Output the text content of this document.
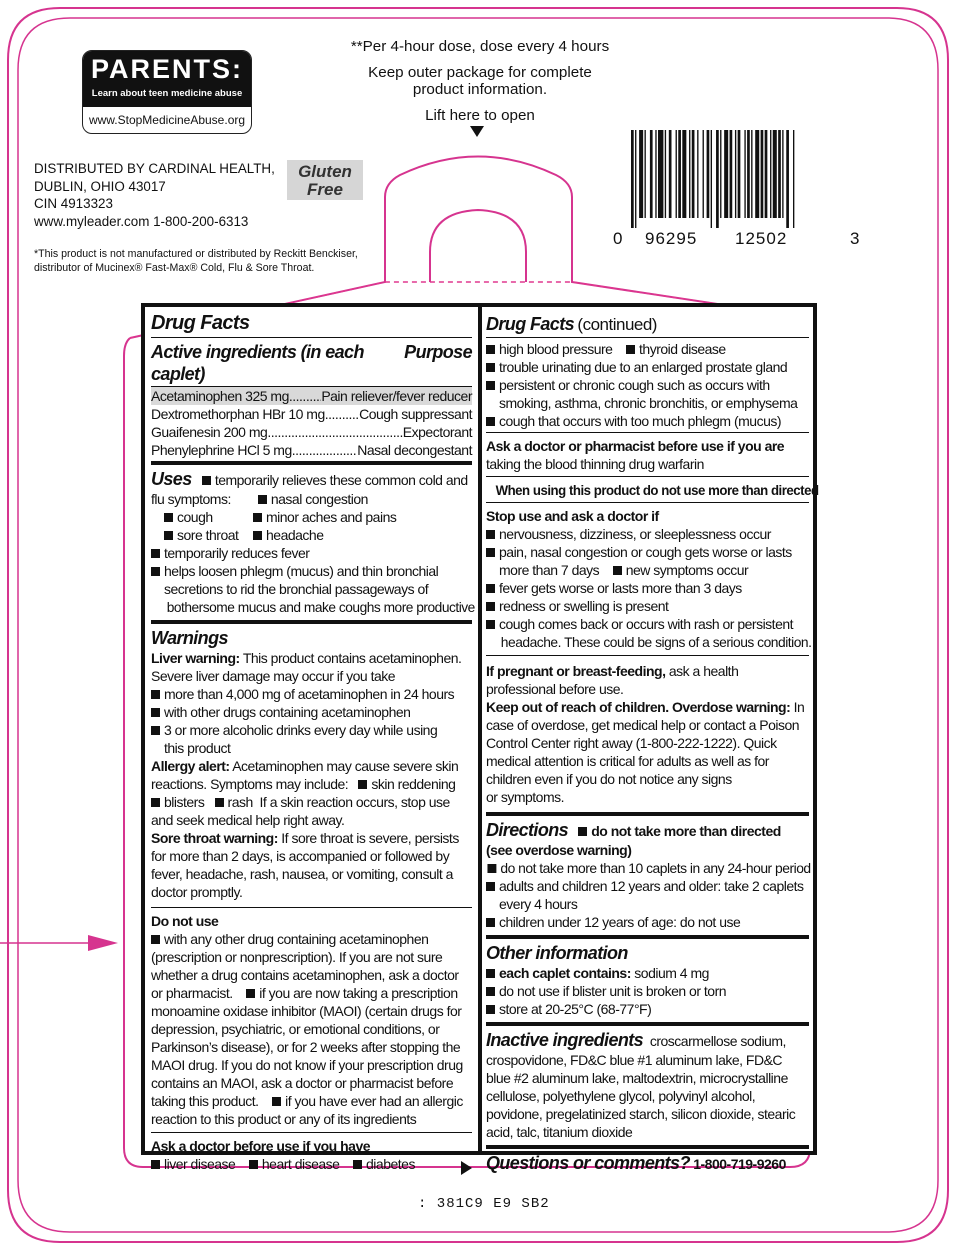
**Per 4-hour dose, dose every 4 hours
Keep outer package for complete
product information.
Lift here to open
PARENTS:
Learn about teen medicine abuse
www.StopMedicineAbuse.org
DISTRIBUTED BY CARDINAL HEALTH,
DUBLIN, OHIO 43017
CIN 4913323
www.myleader.com 1-800-200-6313
Gluten
Free
*This product is not manufactured or distributed by Reckitt Benckiser,
distributor of Mucinex® Fast-Max® Cold, Flu & Sore Throat.
0 96295 12502	3
Drug Facts
Active ingredients (in each caplet)
Purpose
Acetaminophen 325 mg ..... Pain reliever/fever reducer
Dextromethorphan HBr 10 mg ..... Cough suppressant
Guaifenesin 200 mg .....	Expectorant
Phenylephrine HCl 5 mg .....	Nasal decongestant
Uses temporarily relieves these common cold and
flu symptoms:	nasal congestion
cough	minor aches and pains
sore throat headache
temporarily reduces fever
helps loosen phlegm (mucus) and thin bronchial
secretions to rid the bronchial passageways of
bothersome mucus and make coughs more productive
Warnings
Liver warning: This product contains acetaminophen.
Severe liver damage may occur if you take
more than 4,000 mg of acetaminophen in 24 hours
with other drugs containing acetaminophen
3 or more alcoholic drinks every day while using
this product
Allergy alert: Acetaminophen may cause severe skin
reactions. Symptoms may include: skin reddening
blisters rash If a skin reaction occurs, stop use
and seek medical help right away.
Sore throat warning: If sore throat is severe, persists
for more than 2 days, is accompanied or followed by
fever, headache, rash, nausea, or vomiting, consult a
doctor promptly.
Do not use
with any other drug containing acetaminophen
(prescription or nonprescription). If you are not sure
whether a drug contains acetaminophen, ask a doctor
or pharmacist. if you are now taking a prescription
monoamine oxidase inhibitor (MAOI) (certain drugs for
depression, psychiatric, or emotional conditions, or
Parkinson’s disease), or for 2 weeks after stopping the
MAOI drug. If you do not know if your prescription drug
contains an MAOI, ask a doctor or pharmacist before
taking this product. if you have ever had an allergic
reaction to this product or any of its ingredients
Ask a doctor before use if you have
liver disease heart disease diabetes
Drug Facts (continued)
high blood pressure thyroid disease
trouble urinating due to an enlarged prostate gland
persistent or chronic cough such as occurs with
smoking, asthma, chronic bronchitis, or emphysema
cough that occurs with too much phlegm (mucus)
Ask a doctor or pharmacist before use if you are
taking the blood thinning drug warfarin
When using this product do not use more than directed
Stop use and ask a doctor if
nervousness, dizziness, or sleeplessness occur
pain, nasal congestion or cough gets worse or lasts
more than 7 days new symptoms occur
fever gets worse or lasts more than 3 days
redness or swelling is present
cough comes back or occurs with rash or persistent
headache. These could be signs of a serious condition.
If pregnant or breast-feeding, ask a health
professional before use.
Keep out of reach of children. Overdose warning: In
case of overdose, get medical help or contact a Poison
Control Center right away (1-800-222-1222). Quick
medical attention is critical for adults as well as for
children even if you do not notice any signs
or symptoms.
Directions do not take more than directed
(see overdose warning)
do not take more than 10 caplets in any 24-hour period
adults and children 12 years and older: take 2 caplets
every 4 hours
children under 12 years of age: do not use
Other information
each caplet contains: sodium 4 mg
do not use if blister unit is broken or torn
store at 20-25°C (68-77°F)
Inactive ingredients croscarmellose sodium,
crospovidone, FD&C blue #1 aluminum lake, FD&C
blue #2 aluminum lake, maltodextrin, microcrystalline
cellulose, polyethylene glycol, polyvinyl alcohol,
povidone, pregelatinized starch, silicon dioxide, stearic
acid, talc, titanium dioxide
Questions or comments? 1-800-719-9260
: 381C9 E9 SB2
